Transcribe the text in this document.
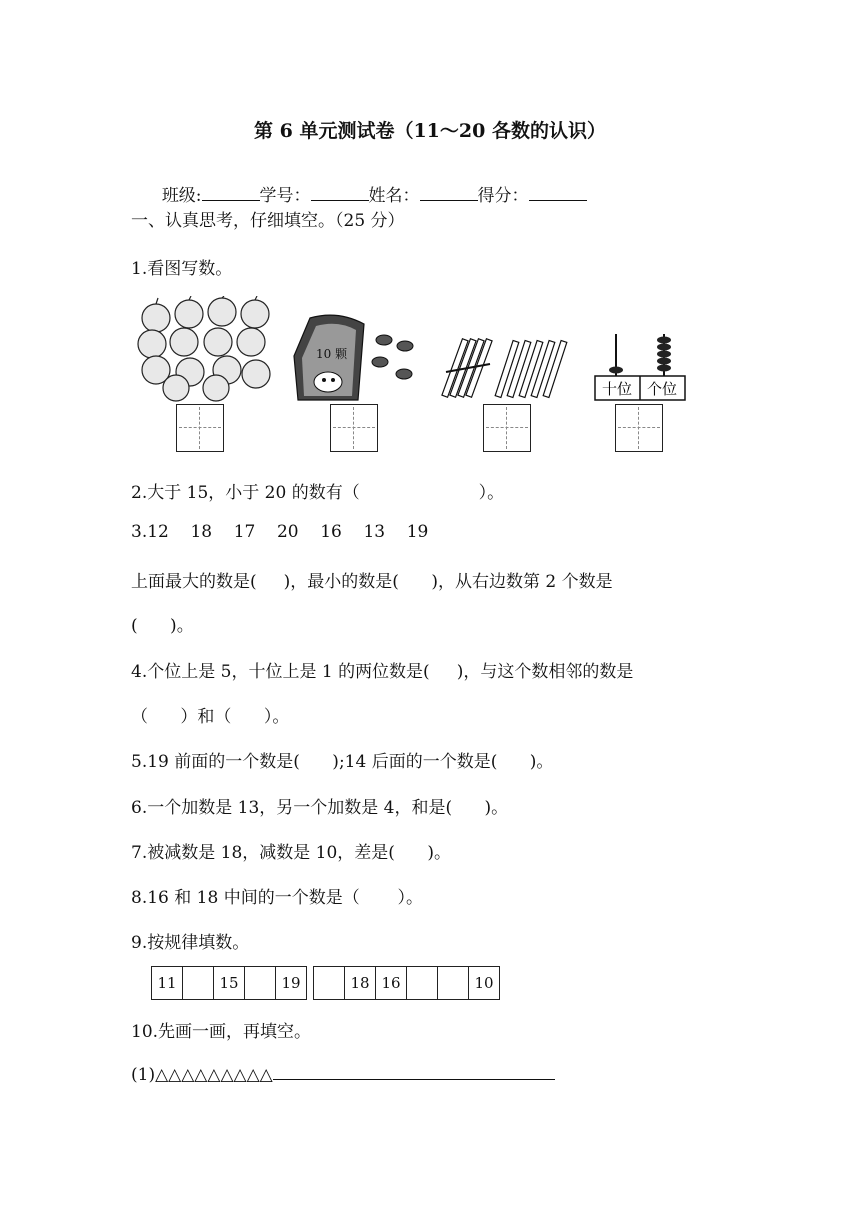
第 6 单元测试卷（11～20 各数的认识）

班级:	学号：	姓名：	得分：

一、认真思考，仔细填空。（25 分）
1.看图写数。
10 颗
十位 个位
2.大于 15，小于 20 的数有（                      ）。
3.12    18    17    20    16    13    19
上面最大的数是(     )，最小的数是(      )，从右边数第 2 个数是
(      )。
4.个位上是 5，十位上是 1 的两位数是(     )，与这个数相邻的数是
（      ）和（      ）。
5.19 前面的一个数是(      );14 后面的一个数是(      )。
6.一个加数是 13，另一个加数是 4，和是(      )。
7.被减数是 18，减数是 10，差是(      )。
8.16 和 18 中间的一个数是（       ）。
9.按规律填数。
11		15		19
		18	16			10
10.先画一画，再填空。
(1)△△△△△△△△△
